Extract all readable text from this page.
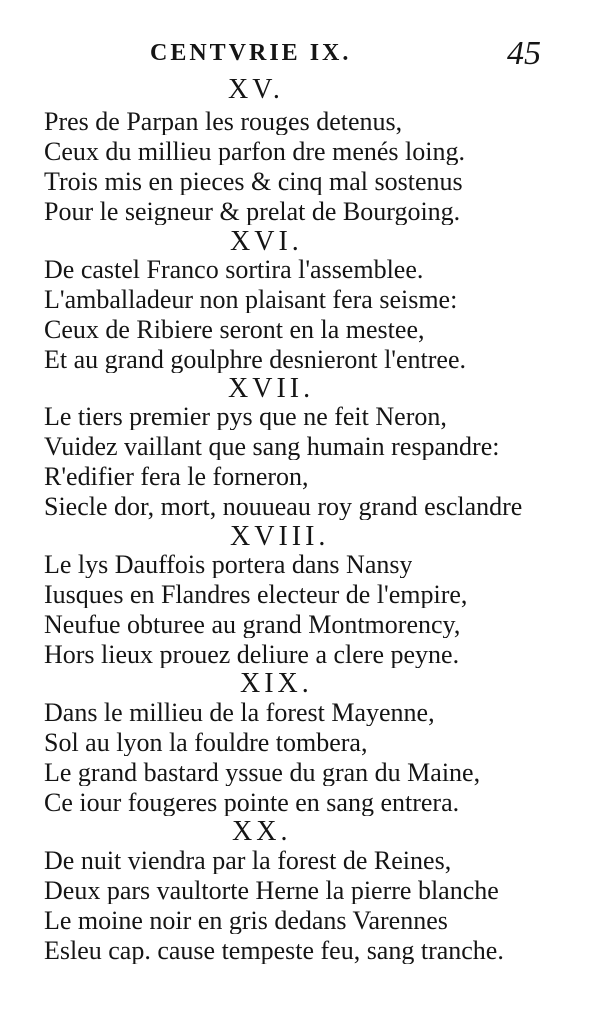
CENTVRIE IX.	45
XV.
Pres de Parpan les rouges detenus,
Ceux du millieu parfon dre menés loing.
Trois mis en pieces & cinq mal sostenus
Pour le seigneur & prelat de Bourgoing.
XVI.
De castel Franco sortira l'assemblee.
L'amballadeur non plaisant fera seisme:
Ceux de Ribiere seront en la mestee,
Et au grand goulphre desnieront l'entree.
XVII.
Le tiers premier pys que ne feit Neron,
Vuidez vaillant que sang humain respandre:
R'edifier fera le forneron,
Siecle dor, mort, nouueau roy grand esclandre
XVIII.
Le lys Dauffois portera dans Nansy
Iusques en Flandres electeur de l'empire,
Neufue obturee au grand Montmorency,
Hors lieux prouez deliure a clere peyne.
XIX.
Dans le millieu de la forest Mayenne,
Sol au lyon la fouldre tombera,
Le grand bastard yssue du gran du Maine,
Ce iour fougeres pointe en sang entrera.
XX.
De nuit viendra par la forest de Reines,
Deux pars vaultorte Herne la pierre blanche
Le moine noir en gris dedans Varennes
Esleu cap. cause tempeste feu, sang tranche.
